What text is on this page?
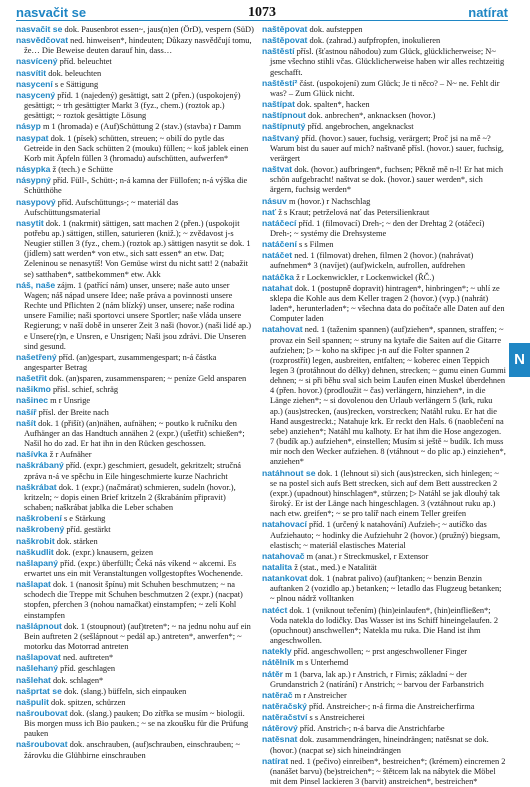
nasvačit se	1073	natírat

nasvačit se dok. Pausenbrot essen~, jaus(n)en (ÖrD), vespern (SüD)

nasvědčovat ned. hinweisen*, hindeuten; Důkazy nasvědčují tomu, že… Die Beweise deuten darauf hin, dass…

nasvícený příd. beleuchtet

nasvítit dok. beleuchten

nasycení s e Sättigung

nasycený příd. 1 (najedený) gesättigt, satt 2 (přen.) (uspokojený) gesättigt; ~ trh gesättigter Markt 3 (fyz., chem.) (roztok ap.) gesättigt; ~ roztok gesättigte Lösung

násyp m 1 (hromada) e (Auf)Schüttung 2 (stav.) (stavba) r Damm

nasypat dok. 1 (písek) schütten, streuen; ~ obilí do pytle das Getreide in den Sack schütten 2 (mouku) füllen; ~ koš jablek einen Korb mit Äpfeln füllen 3 (hromadu) aufschütten, aufwerfen*

násypka ž (tech.) e Schütte

násypný příd. Füll-, Schütt-; n-á kamna der Füllofen; n-á výška die Schütthöhe

nasypový příd. Aufschüttungs-; ~ materiál das Aufschüttungsmaterial

nasytit dok. 1 (nakrmit) sättigen, satt machen 2 (přen.) (uspokojit potřebu ap.) sättigen, stillen, saturieren (kniž.); ~ zvědavost j-s Neugier stillen 3 (fyz., chem.) (roztok ap.) sättigen nasytit se dok. 1 (jídlem) satt werden* von etw., sich satt essen* an etw. Dat; Zeleninou se nenasytíš! Von Gemüse wirst du nicht satt! 2 (nabažit se) satthaben*, sattbekommen* etw. Akk

náš, naše zájm. 1 (patřící nám) unser, unsere; naše auto unser Wagen; náš nápad unsere Idee; naše práva a povinnosti unsere Rechte und Pflichten 2 (nám blízký) unser, unsere; naše rodina unsere Familie; naši sportovci unsere Sportler; naše vláda unsere Regierung; v naší době in unserer Zeit 3 naši (hovor.) (naši lidé ap.) e Unsere(r)n, e Unsren, e Unsrigen; Naši jsou zdrávi. Die Unseren sind gesund.

našetřený příd. (an)gespart, zusammengespart; n-á částka angesparter Betrag

našetřit dok. (an)sparen, zusammensparen; ~ peníze Geld ansparen

našikmo přísl. schief, schräg

našinec m r Unsrige

našíř přísl. der Breite nach

našít dok. 1 (přišít) (an)nähen, aufnähen; ~ poutko k ručníku den Aufhänger an das Handtuch annähen 2 (expr.) (ušetřit) schießen*; Našil ho do zad. Er hat ihn in den Rücken geschossen.

našívka ž r Aufnäher

naškrábaný příd. (expr.) geschmiert, gesudelt, gekritzelt; stručná zpráva n-á ve spěchu in Eile hingeschmierte kurze Nachricht

naškrábat dok. 1 (expr.) (načmárat) schmieren, sudeln (hovor.), kritzeln; ~ dopis einen Brief kritzeln 2 (škrabáním připravit) schaben; naškrábat jablka die Leber schaben

naškrobení s e Stärkung

naškrobený příd. gestärkt

naškrobit dok. stärken

naškudlit dok. (expr.) knausern, geizen

našlapaný příd. (expr.) überfüllt; Čeká nás víkend ~ akcemi. Es erwartet uns ein mit Veranstaltungen vollgestopftes Wochenende.

našlapat dok. 1 (nanosit špínu) mit Schuhen beschmutzen; ~ na schodech die Treppe mit Schuhen beschmutzen 2 (expr.) (nacpat) stopfen, pferchen 3 (nohou namačkat) einstampfen; ~ zelí Kohl einstampfen

našlápnout dok. 1 (stoupnout) (auf)treten*; ~ na jednu nohu auf ein Bein auftreten 2 (sešlápnout ~ pedál ap.) antreten*, anwerfen*; ~ motorku das Motorrad antreten

našlapovat ned. auftreten*

našlehaný příd. geschlagen

našlehat dok. schlagen*

našprtat se dok. (slang.) büffeln, sich einpauken

našpulit dok. spitzen, schürzen

našroubovat dok. (slang.) pauken; Do zítřka se musím ~ biologii. Bis morgen muss ich Bio pauken.; ~ se na zkoušku für die Prüfung pauken

našroubovat dok. anschrauben, (auf)schrauben, einschrauben; ~ žárovku die Glühbirne einschrauben

naštěpovat dok. aufsteppen

naštěpovat dok. (zahrad.) aufpfropfen, inokulieren

naštěstí přísl. (šťastnou náhodou) zum Glück, glücklicherweise; N~ jsme všechno stihli včas. Glücklicherweise haben wir alles rechtzeitig geschafft.

naštěstí² část. (uspokojení) zum Glück; Je ti něco? – N~ ne. Fehlt dir was? – Zum Glück nicht.

naštípat dok. spalten*, hacken

naštípnout dok. anbrechen*, anknacksen (hovor.)

naštípnutý příd. angebrochen, angeknackst

naštvaný příd. (hovor.) sauer, fuchsig, verärgert; Proč jsi na mě ~? Warum bist du sauer auf mich? naštvaně přísl. (hovor.) sauer, fuchsig, verärgert

naštvat dok. (hovor.) aufbringen*, fuchsen; Pěkně mě n-l! Er hat mich schön aufgebracht! naštvat se dok. (hovor.) sauer werden*, sich ärgern, fuchsig werden*

násuv m (hovor.) r Nachschlag

nať ž s Kraut; petrželová nať das Petersilienkraut

natáčecí příd. 1 (filmovací) Dreh-; ~ den der Drehtag 2 (otáčecí) Dreh-; ~ systémy die Drehsysteme

natáčení s s Filmen

natáčet ned. 1 (filmovat) drehen, filmen 2 (hovor.) (nahrávat) aufnehmen* 3 (navíjet) (auf)wickeln, aufrollen, aufdrehen

natáčka ž r Lockenwickler, r Lockenwickel (ŘČ.)

natahat dok. 1 (postupně dopravit) hintragen*, hinbringen*; ~ uhlí ze sklepa die Kohle aus dem Keller tragen 2 (hovor.) (vyp.) (nahrát) laden*, herunterladen*; ~ všechna data do počítače alle Daten auf den Computer laden

natahovat ned. 1 (taženim spannen) (auf)ziehen*, spannen, straffen; ~ provaz ein Seil spannen; ~ struny na kytaře die Saiten auf die Gitarre aufziehen; ▷ ~ koho na skřipec j-n auf die Folter spannen 2 (rozprostřít) legen, ausbreiten, entfalten; ~ koberec einen Teppich legen 3 (protáhnout do délky) dehnen, strecken; ~ gumu einen Gummi dehnen; ~ si při běhu sval sich beim Laufen einen Muskel überdehnen 4 (přen. hovor.) (prodloužit ~ čas) verlängern, hinziehen*, in die Länge ziehen*; ~ si dovolenou den Urlaub verlängern 5 (krk, ruku ap.) (aus)strecken, (aus)recken, vorstrecken; Natáhl ruku. Er hat die Hand ausgestreckt.; Natahuje krk. Er reckt den Hals. 6 (naoblečení na sebe) anziehen*; Natáhl mu kalhoty. Er hat ihm die Hose angezogen. 7 (budík ap.) aufziehen*, einstellen; Musím si ještě ~ budík. Ich muss mir noch den Wecker aufziehen. 8 (vtáhnout ~ do plic ap.) einziehen*, anziehen*

natáhnout se dok. 1 (lehnout si) sich (aus)strecken, sich hinlegen; ~ se na postel sich aufs Bett strecken, sich auf dem Bett ausstrecken 2 (expr.) (upadnout) hinschlagen*, stürzen; ▷ Natáhl se jak dlouhý tak široký. Er ist der Länge nach hingeschlagen. 3 (vztáhnout ruku ap.) nach etw. greifen*; ~ se pro talíř nach einem Teller greifen

natahovací příd. 1 (určený k natahování) Aufzieh-; ~ autíčko das Aufziehauto; ~ hodinky die Aufziehuhr 2 (hovor.) (pružný) biegsam, elastisch; ~ materiál elastisches Material

natahovač m (anat.) r Streckmuskel, r Extensor

natalita ž (stat., med.) e Natalität

natankovat dok. 1 (nabrat palivo) (auf)tanken; ~ benzin Benzin auftanken 2 (vozidlo ap.) betanken; ~ letadlo das Flugzeug betanken; ~ plnou nádrž volltanken

natéct dok. 1 (vniknout tečením) (hin)einlaufen*, (hin)einfließen*; Voda natekla do lodičky. Das Wasser ist ins Schiff hineingelaufen. 2 (opuchnout) anschwellen*; Natekla mu ruka. Die Hand ist ihm angeschwollen.

natekly příd. angeschwollen; ~ prst angeschwollener Finger

nátělník m s Unterhemd

nátěr m 1 (barva, lak ap.) r Anstrich, r Firnis; základní ~ der Grundanstrich 2 (natírání) r Anstrich; ~ barvou der Farbanstrich

natěrač m r Anstreicher

natěračský příd. Anstreicher-; n-á firma die Anstreicherfirma

natěračství s s Anstreicherei

nátěrový příd. Anstrich-; n-á barva die Anstrichfarbe

natěsnat dok. zusammendrängen, hineindrängen; natěsnat se dok. (hovor.) (nacpat se) sich hineindrängen

natírat ned. 1 (pečivo) einreiben*, bestreichen*; (krémem) eincremen 2 (nanášet barvu) (be)streichen*; ~ štětcem lak na nábytek die Möbel mit dem Pinsel lackieren 3 (barvit) anstreichen*, bestreichen*

N
